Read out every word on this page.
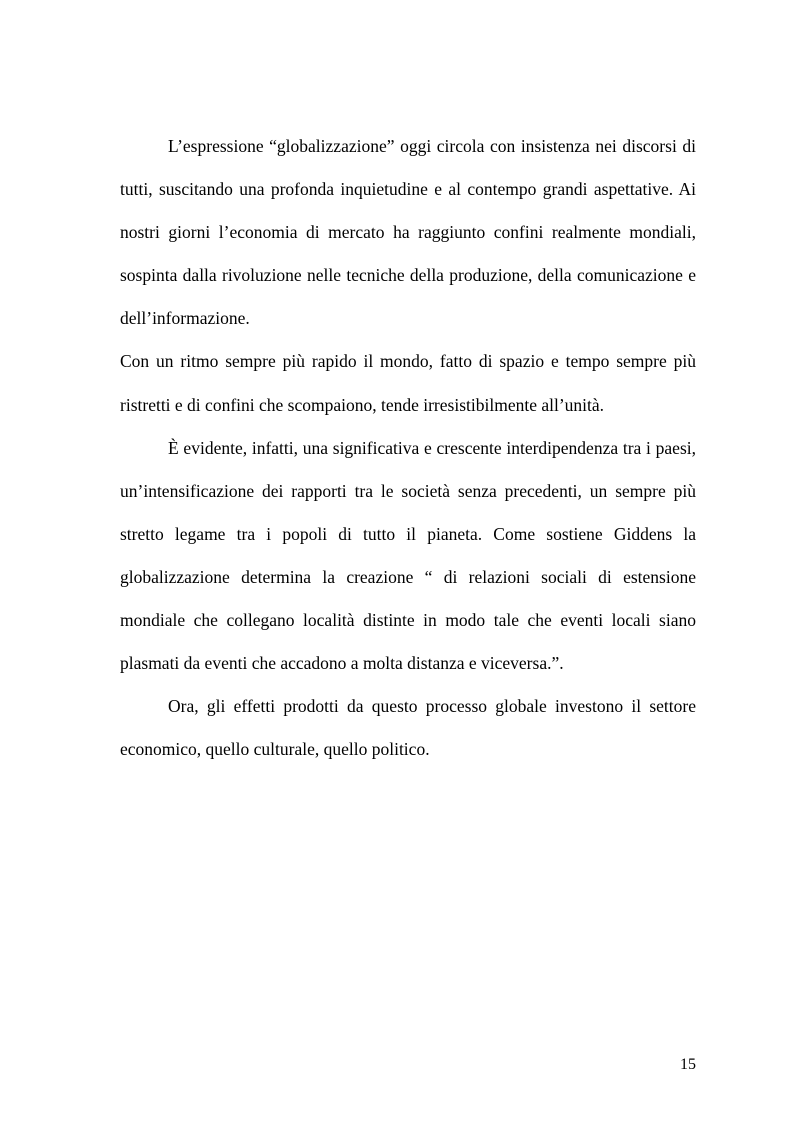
L’espressione “globalizzazione” oggi circola con insistenza nei discorsi di tutti, suscitando una profonda inquietudine e al contempo grandi aspettative. Ai nostri giorni l’economia di mercato ha raggiunto confini realmente mondiali, sospinta dalla rivoluzione nelle tecniche della produzione, della comunicazione e dell’informazione.

Con un ritmo sempre più rapido il mondo, fatto di spazio e tempo sempre più ristretti e di confini che scompaiono, tende irresistibilmente all’unità.

È evidente, infatti, una significativa e crescente interdipendenza tra i paesi, un’intensificazione dei rapporti tra le società senza precedenti, un sempre più stretto legame tra i popoli di tutto il pianeta. Come sostiene Giddens la globalizzazione determina la creazione “ di relazioni sociali di estensione mondiale che collegano località distinte in modo tale che eventi locali siano plasmati da eventi che accadono a molta distanza e viceversa.”.

Ora, gli effetti prodotti da questo processo globale investono il settore economico, quello culturale, quello politico.

15
